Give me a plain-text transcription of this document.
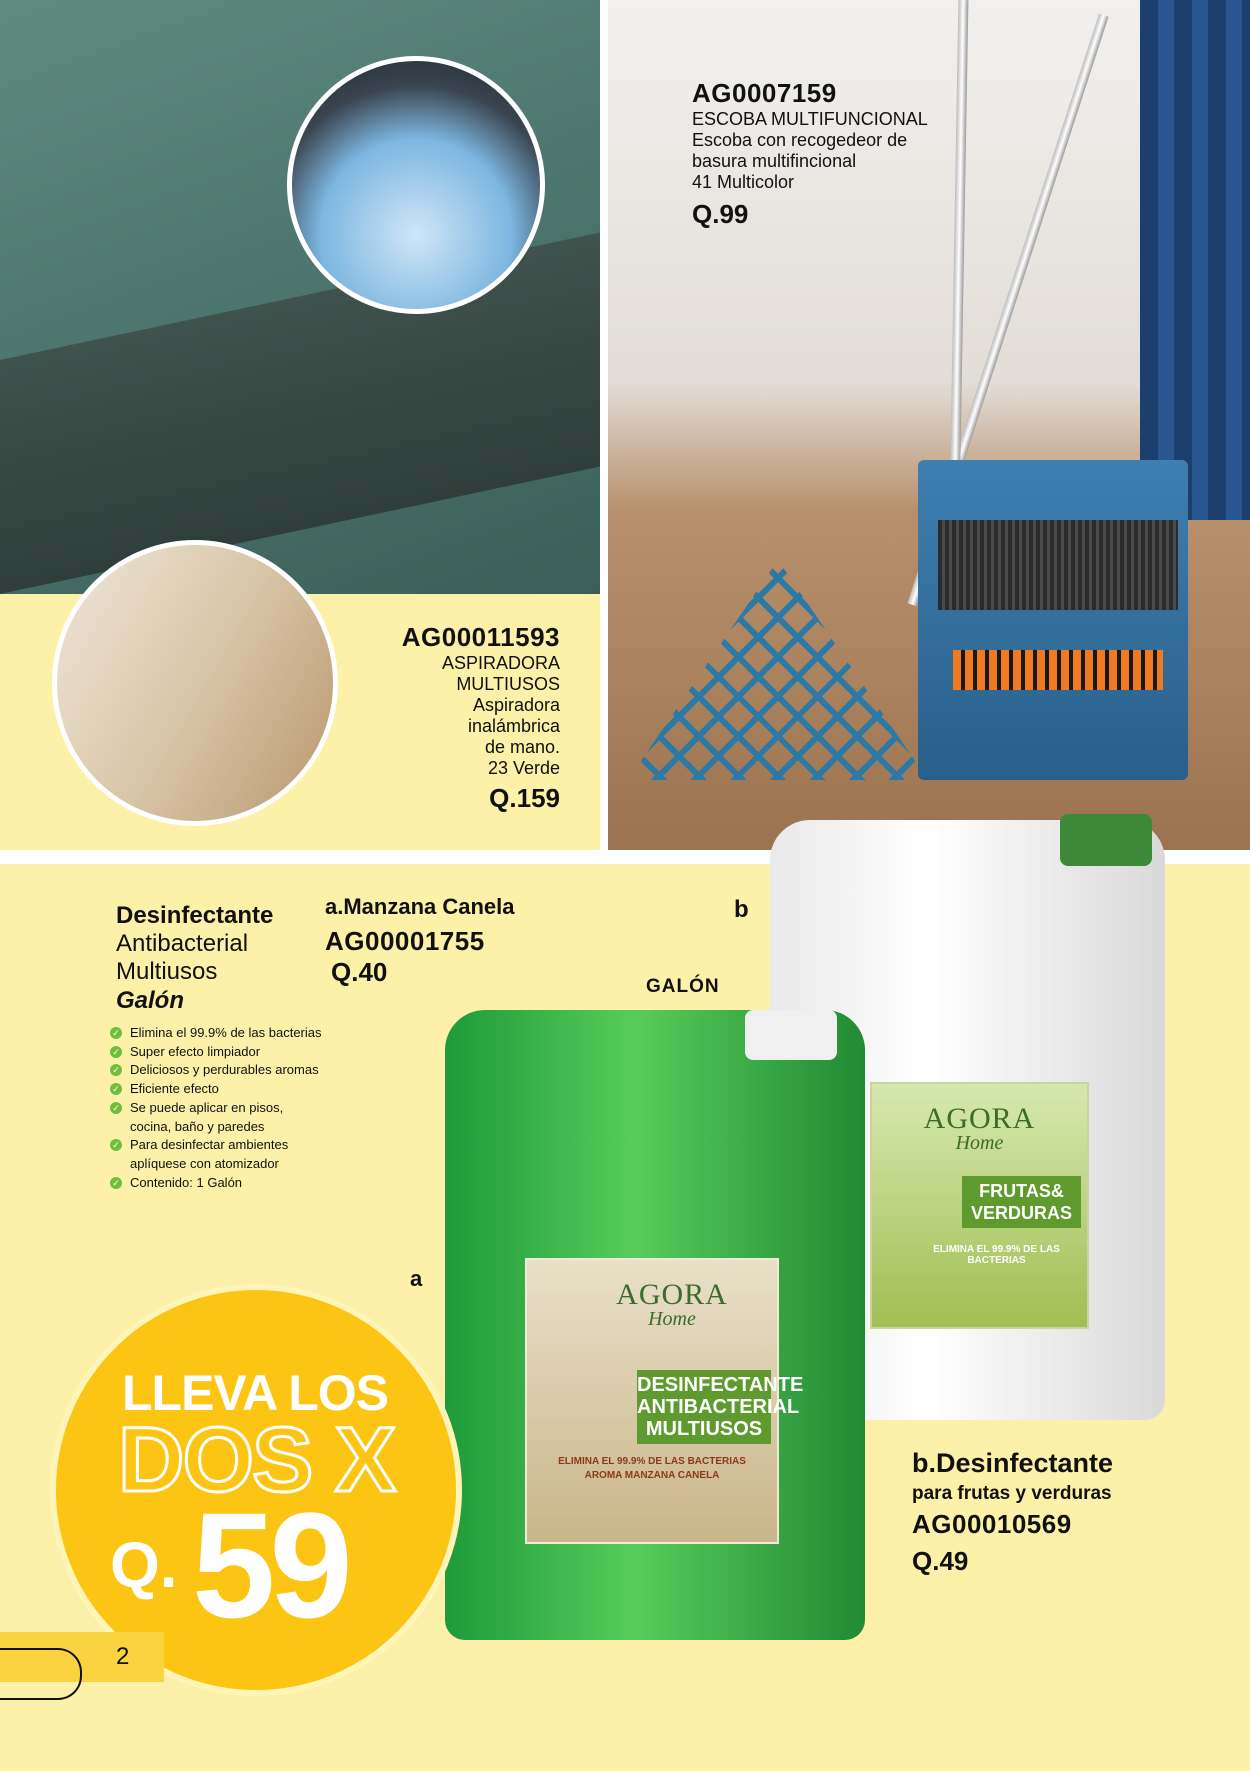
AG00011593
ASPIRADORA
MULTIUSOS
Aspiradora
inalámbrica
de mano.
23 Verde
Q.159
AG0007159
ESCOBA MULTIFUNCIONAL
Escoba con recogedeor de
basura multifincional
41 Multicolor
Q.99
AGORA
Home
FRUTAS& VERDURAS
ELIMINA EL 99.9% DE LAS BACTERIAS
AGORA
Home
DESINFECTANTE ANTIBACTERIAL MULTIUSOS
ELIMINA EL 99.9% DE LAS BACTERIAS
AROMA MANZANA CANELA
Desinfectante
Antibacterial
Multiusos
Galón
✓ Elimina el 99.9% de las bacterias
✓ Super efecto limpiador
✓ Deliciosos y perdurables aromas
✓ Eficiente efecto
✓ Se puede aplicar en pisos,
cocina, baño y paredes
✓ Para desinfectar ambientes
aplíquese con atomizador
✓ Contenido: 1 Galón
a.Manzana Canela
AG00001755
Q.40
b
GALÓN
a
b.Desinfectante
para frutas y verduras
AG00010569
Q.49
LLEVA LOS
DOS X
Q. 59
2
